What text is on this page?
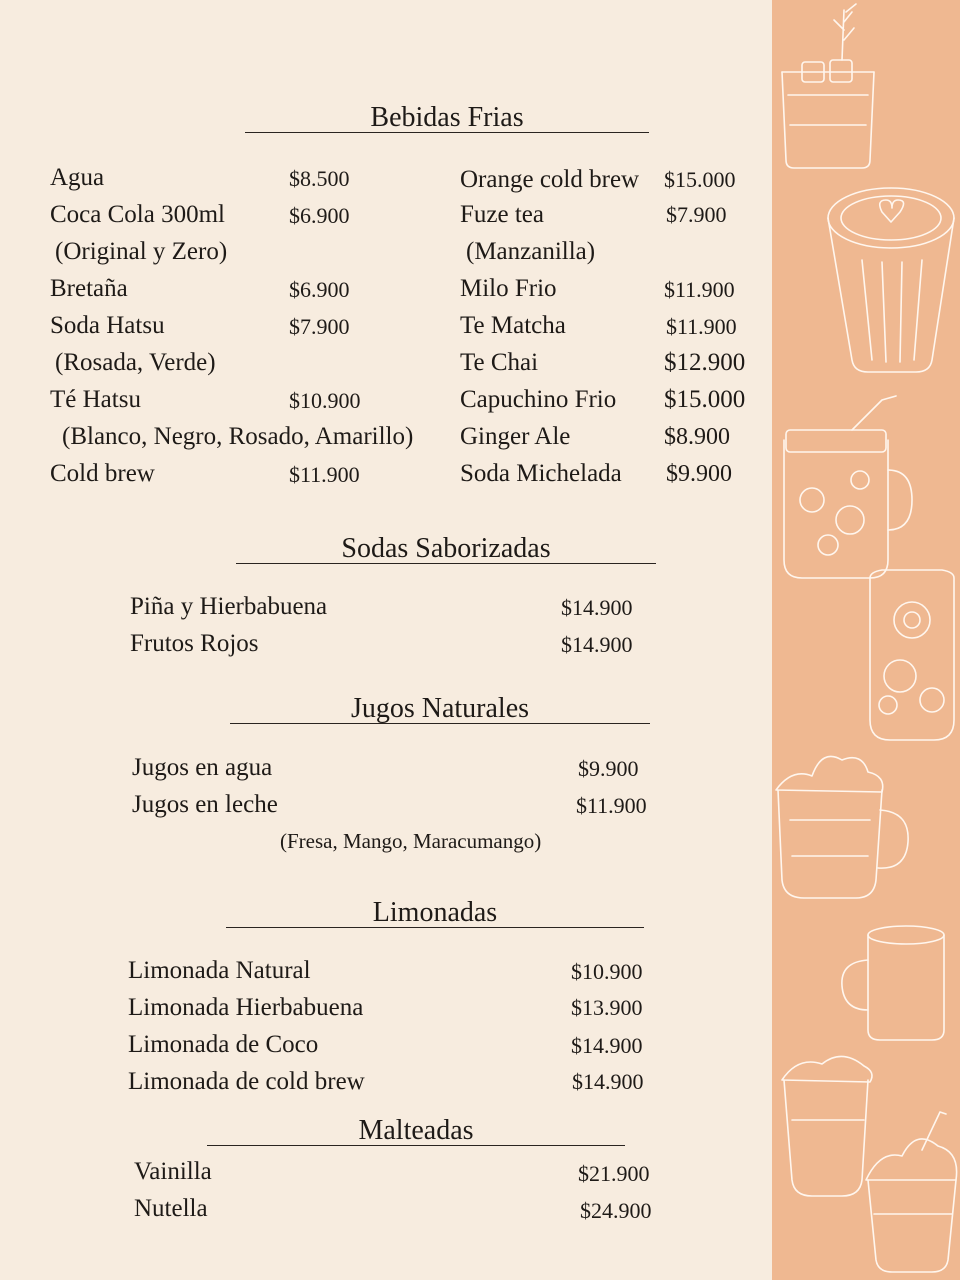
Bebidas Frias
Agua	$8.500
Coca Cola 300ml	$6.900
(Original y Zero)
Bretaña	$6.900
Soda Hatsu	$7.900
(Rosada, Verde)
Té Hatsu	$10.900
(Blanco, Negro, Rosado, Amarillo)
Cold brew	$11.900
Orange cold brew $15.000
Fuze tea	$7.900
(Manzanilla)
Milo Frio	$11.900
Te Matcha	$11.900
Te Chai	$12.900
Capuchino Frio $15.000
Ginger Ale	$8.900
Soda Michelada $9.900
Sodas Saborizadas
Piña y Hierbabuena	$14.900
Frutos Rojos	$14.900
Jugos Naturales
Jugos en agua	$9.900
Jugos en leche	$11.900
(Fresa, Mango, Maracumango)
Limonadas
Limonada Natural	$10.900
Limonada Hierbabuena	$13.900
Limonada de Coco	$14.900
Limonada de cold brew	$14.900
Malteadas
Vainilla	$21.900
Nutella	$24.900
